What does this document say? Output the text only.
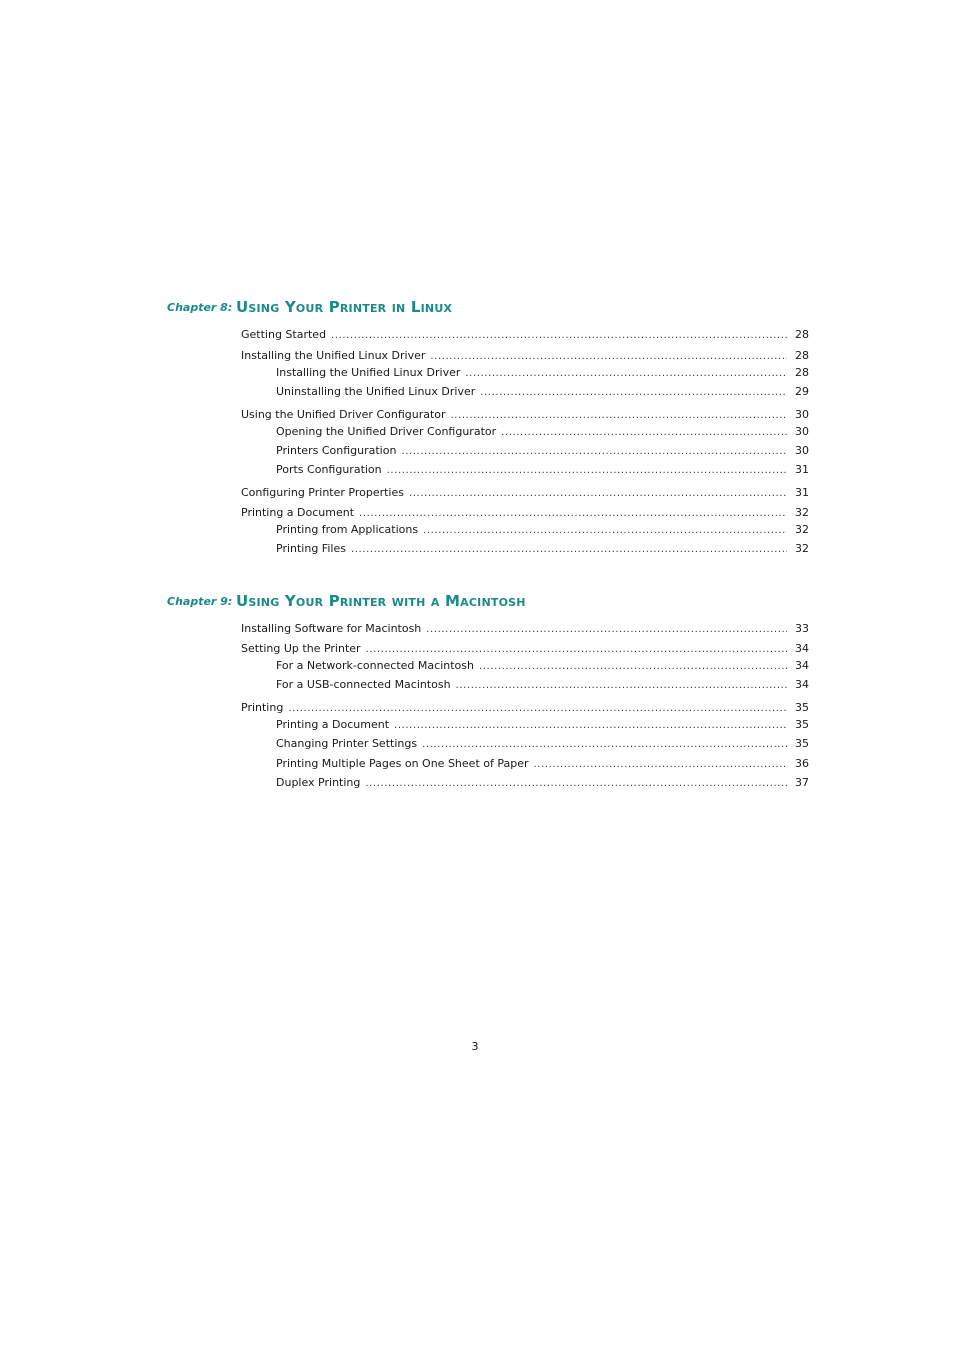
Chapter 8: Using Your Printer in Linux
Getting Started .....	28
Installing the Unified Linux Driver .....	28
Installing the Unified Linux Driver .....	28
Uninstalling the Unified Linux Driver .....	29
Using the Unified Driver Configurator .....	30
Opening the Unified Driver Configurator .....	30
Printers Configuration .....	30
Ports Configuration .....	31
Configuring Printer Properties .....	31
Printing a Document .....	32
Printing from Applications .....	32
Printing Files .....	32
Chapter 9: Using Your Printer with a Macintosh
Installing Software for Macintosh .....	33
Setting Up the Printer .....	34
For a Network-connected Macintosh .....	34
For a USB-connected Macintosh .....	34
Printing .....	35
Printing a Document .....	35
Changing Printer Settings .....	35
Printing Multiple Pages on One Sheet of Paper .....	36
Duplex Printing .....	37
3
